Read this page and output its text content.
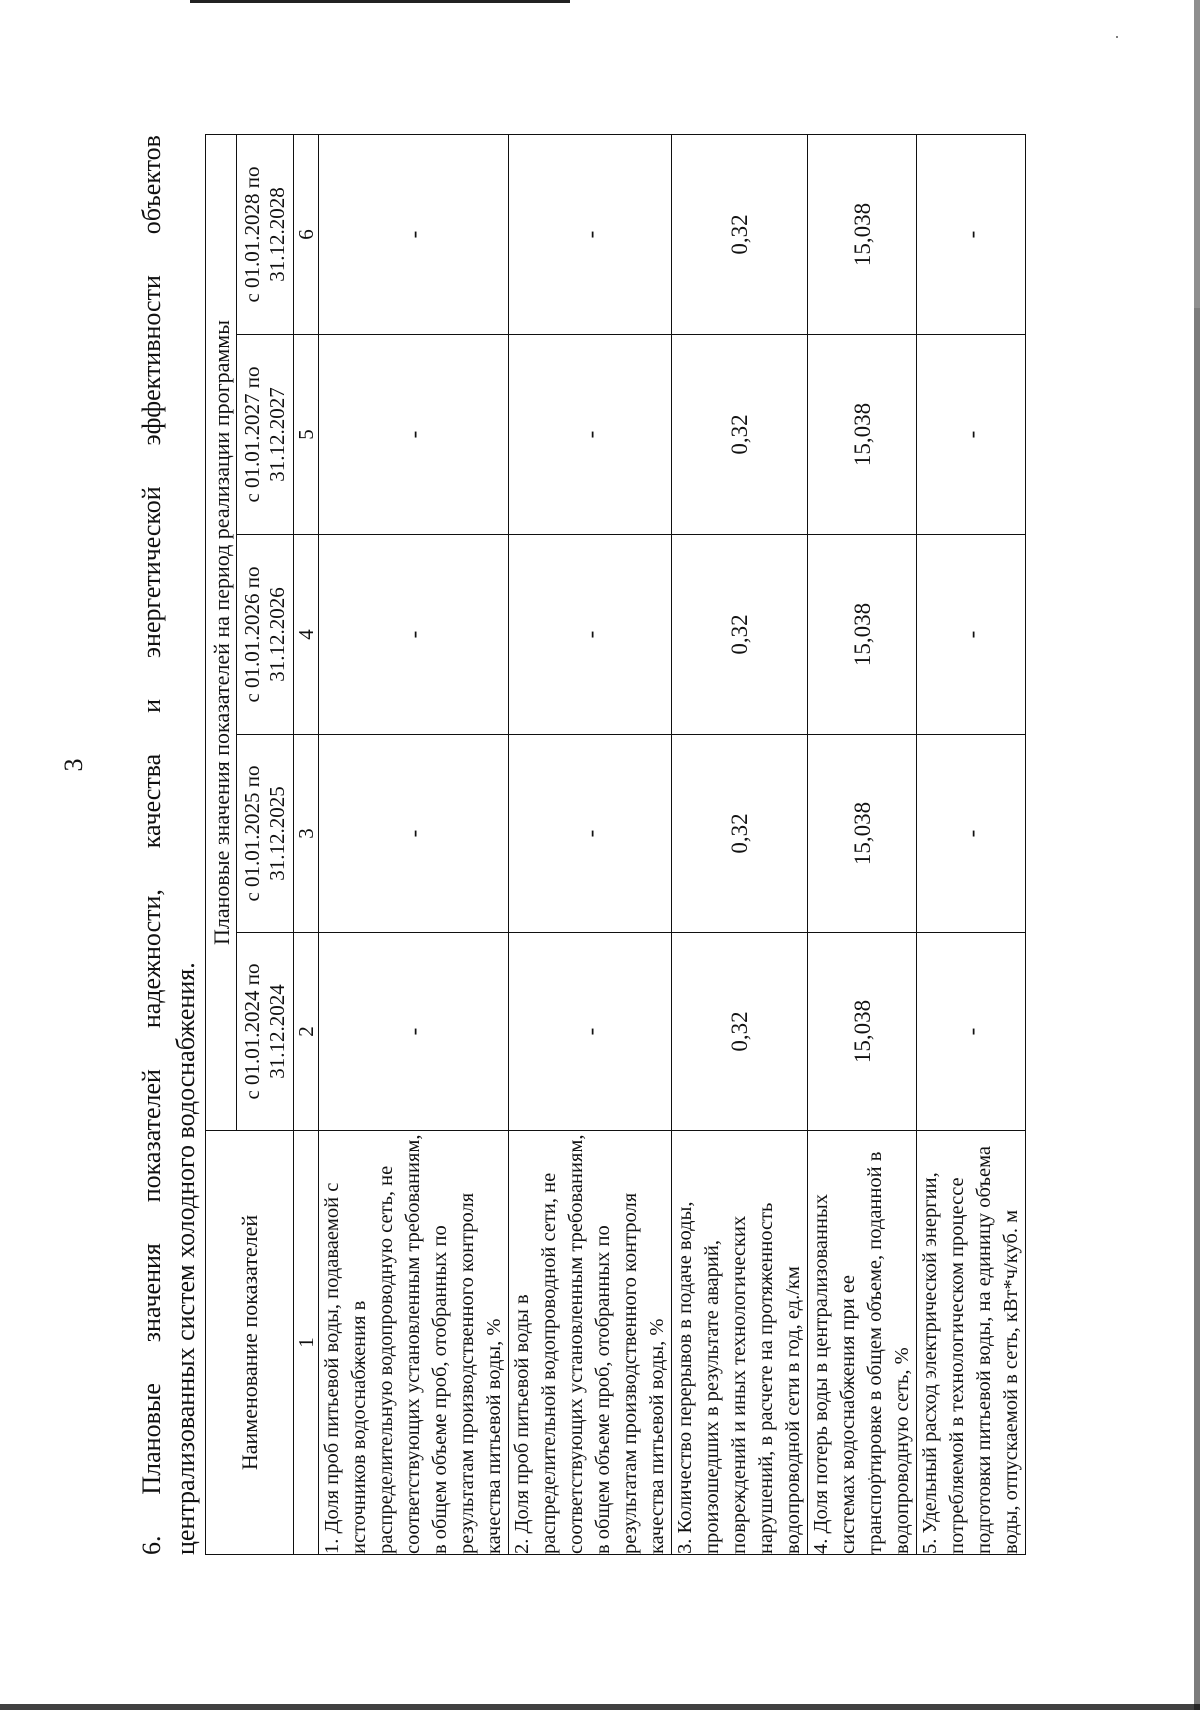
3
6.
Плановые
значения
показателей
надежности,
качества
и
энергетической
эффективности
объектов
централизованных систем холодного водоснабжения. Наименование показателей	Плановые значения показателей на период реализации программы				
	с 01.01.2024 по 31.12.2024	с 01.01.2025 по 31.12.2025	с 01.01.2026 по 31.12.2026	с 01.01.2027 по 31.12.2027	с 01.01.2028 по 31.12.2028
1	2	3	4	5	6
1. Доля проб питьевой воды, подаваемой с источников водоснабжения в распределительную водопроводную сеть, не соответствующих установленным требованиям, в общем объеме проб, отобранных по результатам производственного контроля качества питьевой воды, %	-	-	-	-	-
2. Доля проб питьевой воды в распределительной водопроводной сети, не соответствующих установленным требованиям, в общем объеме проб, отобранных по результатам производственного контроля качества питьевой воды, %	-	-	-	-	-
3. Количество перерывов в подаче воды, произошедших в результате аварий, повреждений и иных технологических нарушений, в расчете на протяженность водопроводной сети в год, ед./км	0,32	0,32	0,32	0,32	0,32
4. Доля потерь воды в централизованных системах водоснабжения при ее транспортировке в общем объеме, поданной в водопроводную сеть, %	15,038	15,038	15,038	15,038	15,038
5. Удельный расход электрической энергии, потребляемой в технологическом процессе подготовки питьевой воды, на единицу объема воды, отпускаемой в сеть, кВт*ч/куб. м	-	-	-	-	-
